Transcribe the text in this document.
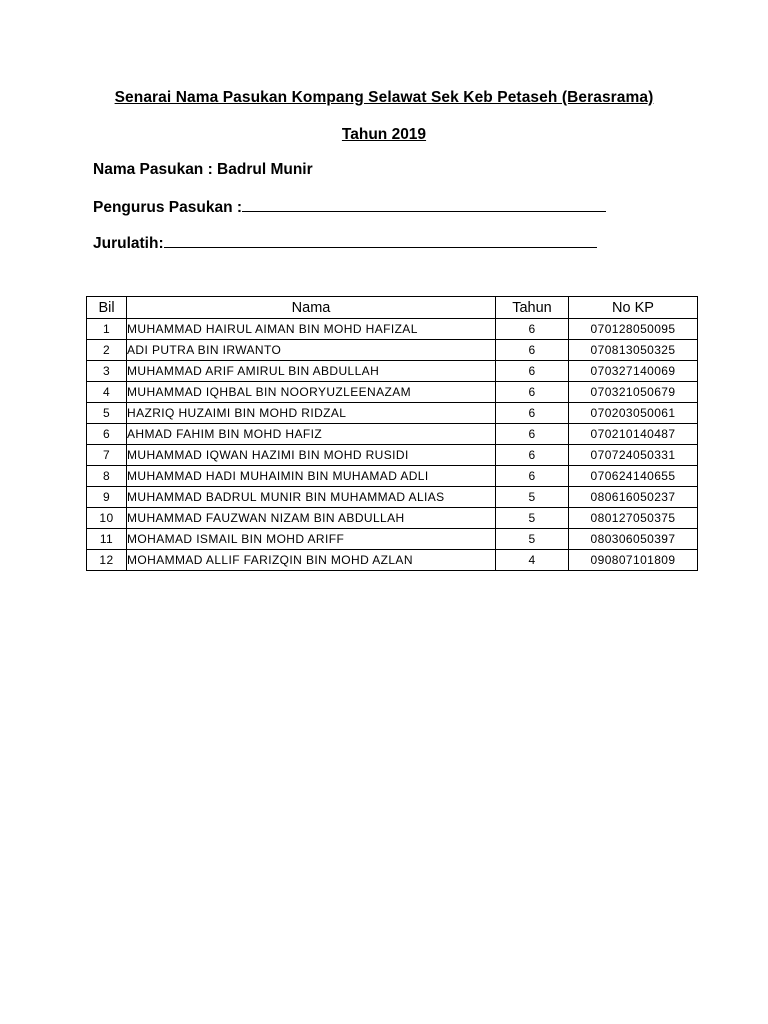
Senarai Nama Pasukan Kompang Selawat Sek Keb Petaseh (Berasrama)
Tahun 2019
Nama Pasukan : Badrul Munir
Pengurus Pasukan :
Jurulatih:
Bil	Nama	Tahun	No KP
1	MUHAMMAD HAIRUL AIMAN BIN MOHD HAFIZAL	6	070128050095
2	ADI PUTRA BIN IRWANTO	6	070813050325
3	MUHAMMAD ARIF AMIRUL BIN ABDULLAH	6	070327140069
4	MUHAMMAD IQHBAL BIN NOORYUZLEENAZAM	6	070321050679
5	HAZRIQ HUZAIMI BIN MOHD RIDZAL	6	070203050061
6	AHMAD FAHIM BIN MOHD HAFIZ	6	070210140487
7	MUHAMMAD IQWAN HAZIMI BIN MOHD RUSIDI	6	070724050331
8	MUHAMMAD HADI MUHAIMIN BIN MUHAMAD ADLI	6	070624140655
9	MUHAMMAD BADRUL MUNIR BIN MUHAMMAD ALIAS	5	080616050237
10	MUHAMMAD FAUZWAN NIZAM BIN ABDULLAH	5	080127050375
11	MOHAMAD ISMAIL BIN MOHD ARIFF	5	080306050397
12	MOHAMMAD ALLIF FARIZQIN BIN MOHD AZLAN	4	090807101809
